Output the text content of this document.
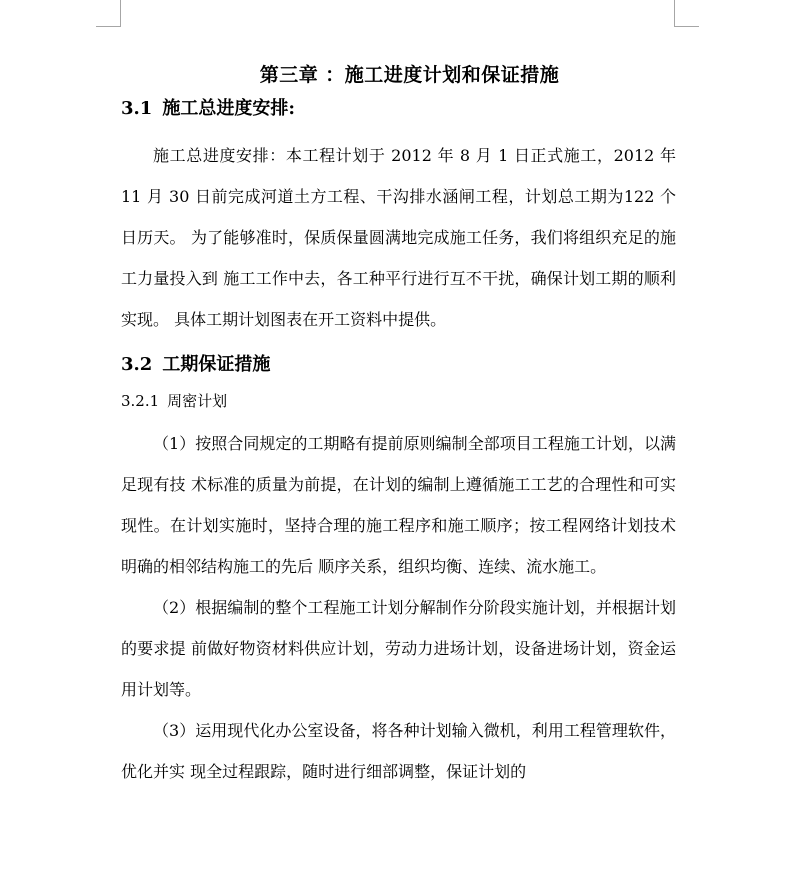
第三章 ：施工进度计划和保证措施
3.1 施工总进度安排:

施工总进度安排：本工程计划于 2012 年 8 月 1 日正式施工，2012 年 11 月 30 日前完成河道土方工程、干沟排水涵闸工程，计划总工期为122 个日历天。 为了能够准时，保质保量圆满地完成施工任务，我们将组织充足的施工力量投入到 施工工作中去，各工种平行进行互不干扰，确保计划工期的顺利实现。 具体工期计划图表在开工资料中提供。

3.2 工期保证措施
3.2.1 周密计划

（1）按照合同规定的工期略有提前原则编制全部项目工程施工计划，以满足现有技 术标准的质量为前提，在计划的编制上遵循施工工艺的合理性和可实现性。在计划实施时，坚持合理的施工程序和施工顺序；按工程网络计划技术明确的相邻结构施工的先后 顺序关系，组织均衡、连续、流水施工。

（2）根据编制的整个工程施工计划分解制作分阶段实施计划，并根据计划的要求提 前做好物资材料供应计划，劳动力进场计划，设备进场计划，资金运用计划等。

（3）运用现代化办公室设备，将各种计划输入微机，利用工程管理软件，优化并实 现全过程跟踪，随时进行细部调整，保证计划的
